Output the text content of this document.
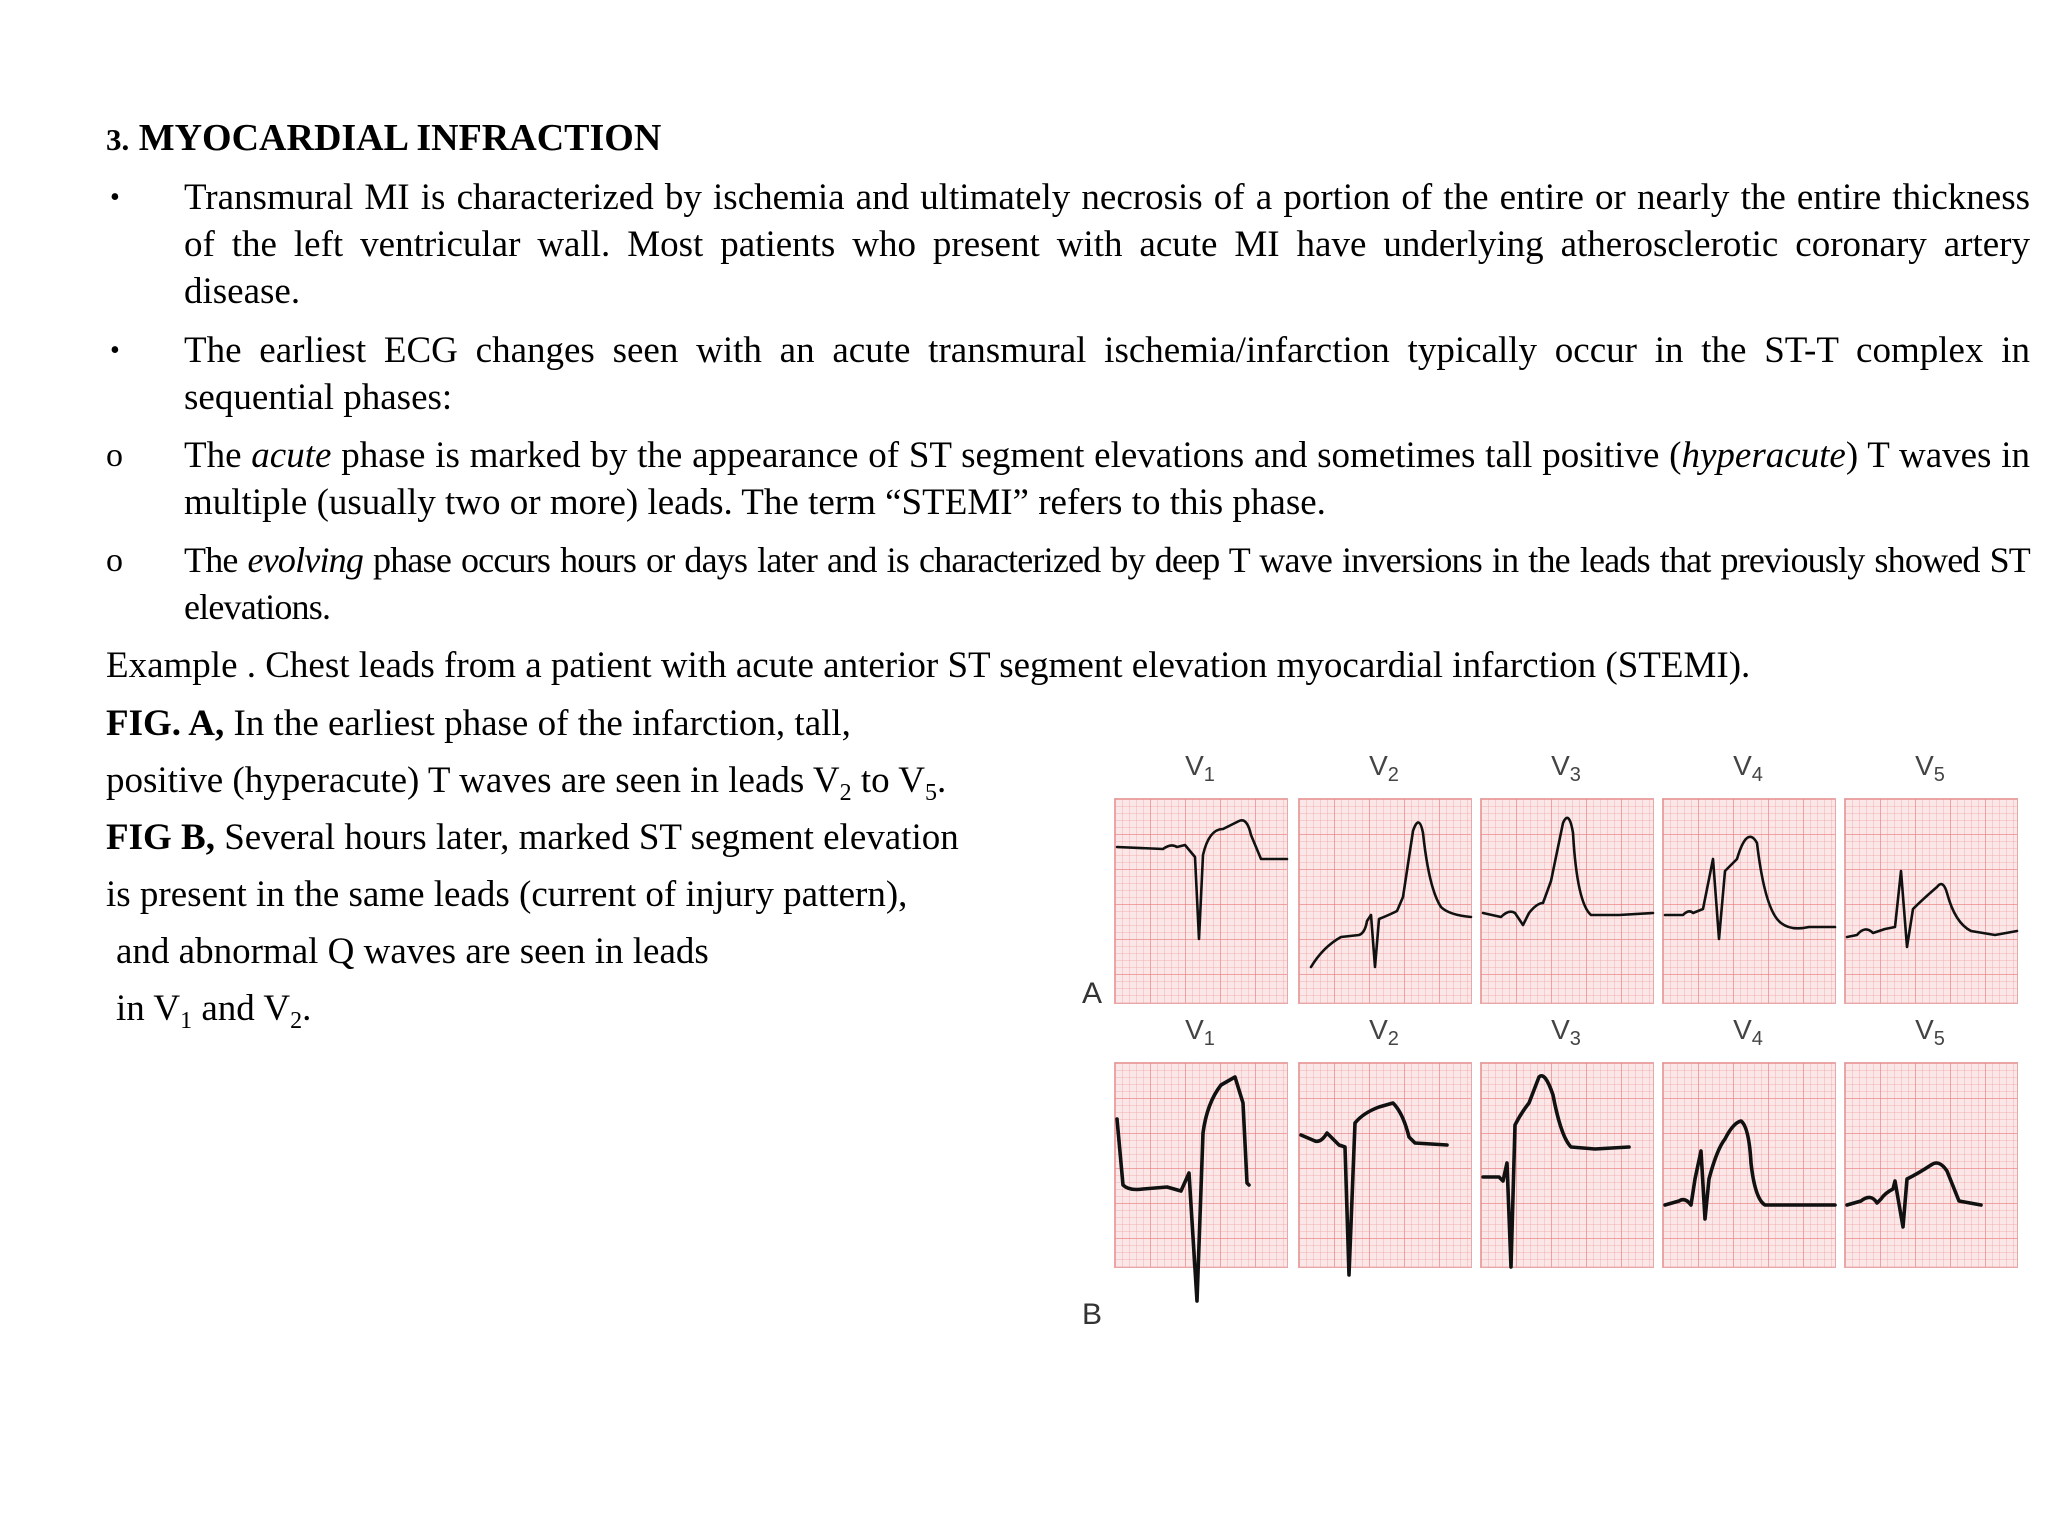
3. MYOCARDIAL INFRACTION
•	Transmural MI is characterized by ischemia and ultimately necrosis of a portion of the entire or nearly the entire thickness of the left ventricular wall. Most patients who present with acute MI have underlying atherosclerotic coronary artery disease.
•	The earliest ECG changes seen with an acute transmural ischemia/infarction typically occur in the ST-T complex in sequential phases:
o	The acute phase is marked by the appearance of ST segment elevations and sometimes tall positive (hyperacute) T waves in multiple (usually two or more) leads. The term “STEMI” refers to this phase.
o	The evolving phase occurs hours or days later and is characterized by deep T wave inversions in the leads that previously showed ST elevations.
Example . Chest leads from a patient with acute anterior ST segment elevation myocardial infarction (STEMI).
FIG. A, In the earliest phase of the infarction, tall,
positive (hyperacute) T waves are seen in leads $V_2$ to $V_5$.
FIG B, Several hours later, marked ST segment elevation
is present in the same leads (current of injury pattern),
and abnormal Q waves are seen in leads
in $V_1$ and $V_2$.	A
B
$V_1$
$V_1$
$V_2$
$V_2$
$V_3$
$V_3$
$V_4$
$V_4$
$V_5$
$V_5$
